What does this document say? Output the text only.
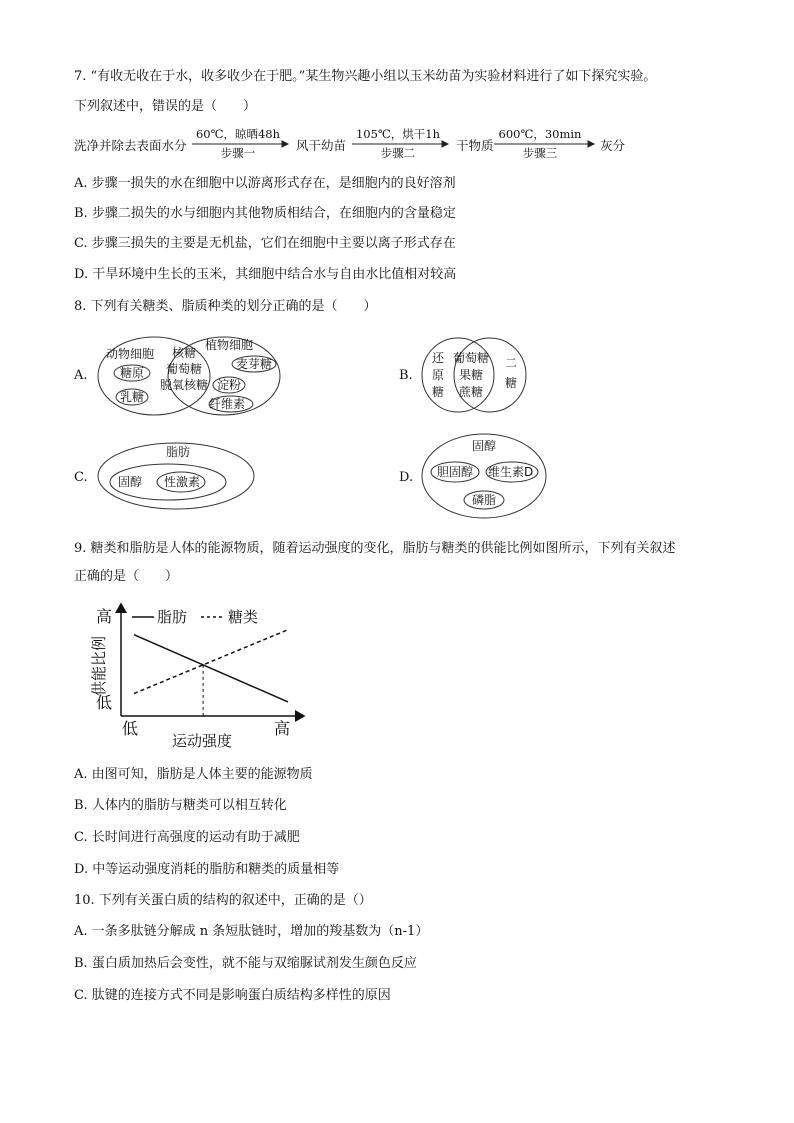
7. “有收无收在于水，收多收少在于肥。”某生物兴趣小组以玉米幼苗为实验材料进行了如下探究实验。
下列叙述中，错误的是（　　）
洗净并除去表面水分
60℃，晾晒48h
步骤一	风干幼苗
105℃，烘干1h
步骤二	干物质
600℃，30min
步骤三	灰分
A. 步骤一损失的水在细胞中以游离形式存在，是细胞内的良好溶剂
B. 步骤二损失的水与细胞内其他物质相结合，在细胞内的含量稳定
C. 步骤三损失的主要是无机盐，它们在细胞中主要以离子形式存在
D. 干旱环境中生长的玉米，其细胞中结合水与自由水比值相对较高
8. 下列有关糖类、脂质种类的划分正确的是（　　）
A.
动物细胞
植物细胞
糖原
乳糖
核糖
葡萄糖
脱氧核糖
麦芽糖
淀粉
纤维素
B.
还
原
糖
葡萄糖
果糖
蔗糖
二
糖
C.
脂肪
固醇 性激素	D.
固醇
胆固醇 维生素D
磷脂
9. 糖类和脂肪是人体的能源物质，随着运动强度的变化，脂肪与糖类的供能比例如图所示，下列有关叙述
正确的是（　　）
高
低
低	高
运动强度
供能比例
脂肪	糖类
A. 由图可知，脂肪是人体主要的能源物质
B. 人体内的脂肪与糖类可以相互转化
C. 长时间进行高强度的运动有助于减肥
D. 中等运动强度消耗的脂肪和糖类的质量相等
10. 下列有关蛋白质的结构的叙述中，正确的是（）
A. 一条多肽链分解成 n 条短肽链时，增加的羧基数为（n-1）
B. 蛋白质加热后会变性，就不能与双缩脲试剂发生颜色反应
C. 肽键的连接方式不同是影响蛋白质结构多样性的原因
